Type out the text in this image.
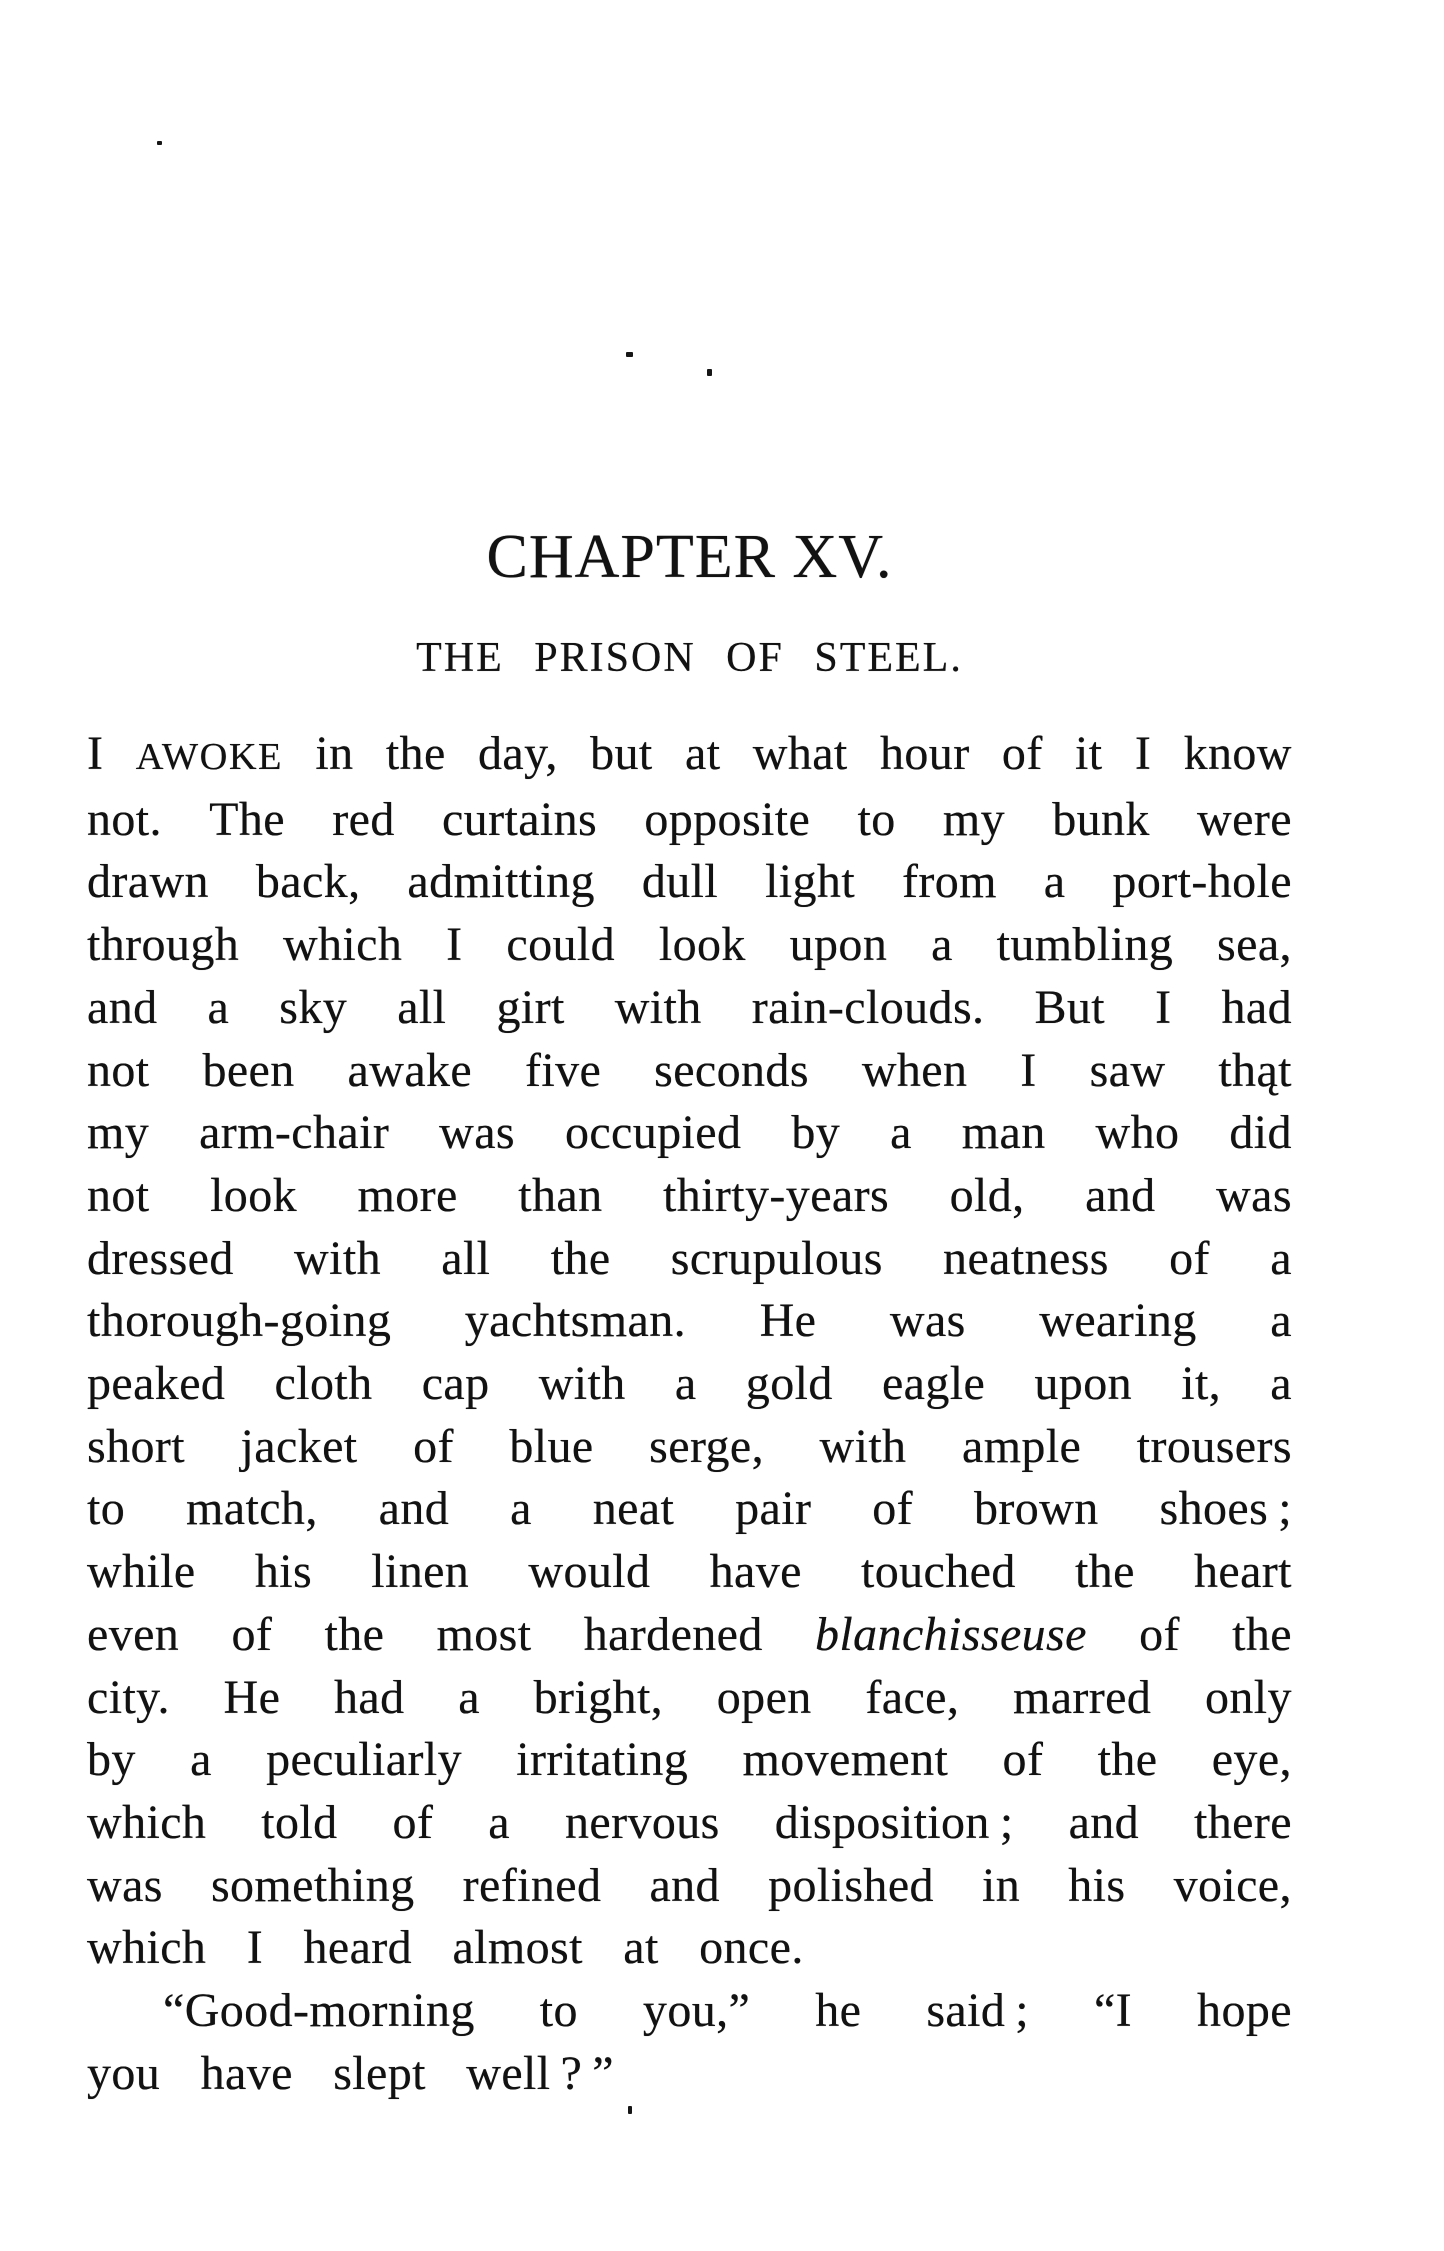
CHAPTER XV.
THE PRISON OF STEEL.
I AWOKE in the day, but at what hour of it I know
not. The red curtains opposite to my bunk were
drawn back, admitting dull light from a port-hole
through which I could look upon a tumbling sea,
and a sky all girt with rain-clouds. But I had
not been awake five seconds when I saw thąt
my arm-chair was occupied by a man who did
not look more than thirty-years old, and was
dressed with all the scrupulous neatness of a
thorough-going yachtsman. He was wearing a
peaked cloth cap with a gold eagle upon it, a
short jacket of blue serge, with ample trousers
to match, and a neat pair of brown shoes ;
while his linen would have touched the heart
even of the most hardened blanchisseuse of the
city. He had a bright, open face, marred only
by a peculiarly irritating movement of the eye,
which told of a nervous disposition ; and there
was something refined and polished in his voice,
which I heard almost at once.
“Good-morning to you,” he said ; “I hope
you have slept well ? ”
